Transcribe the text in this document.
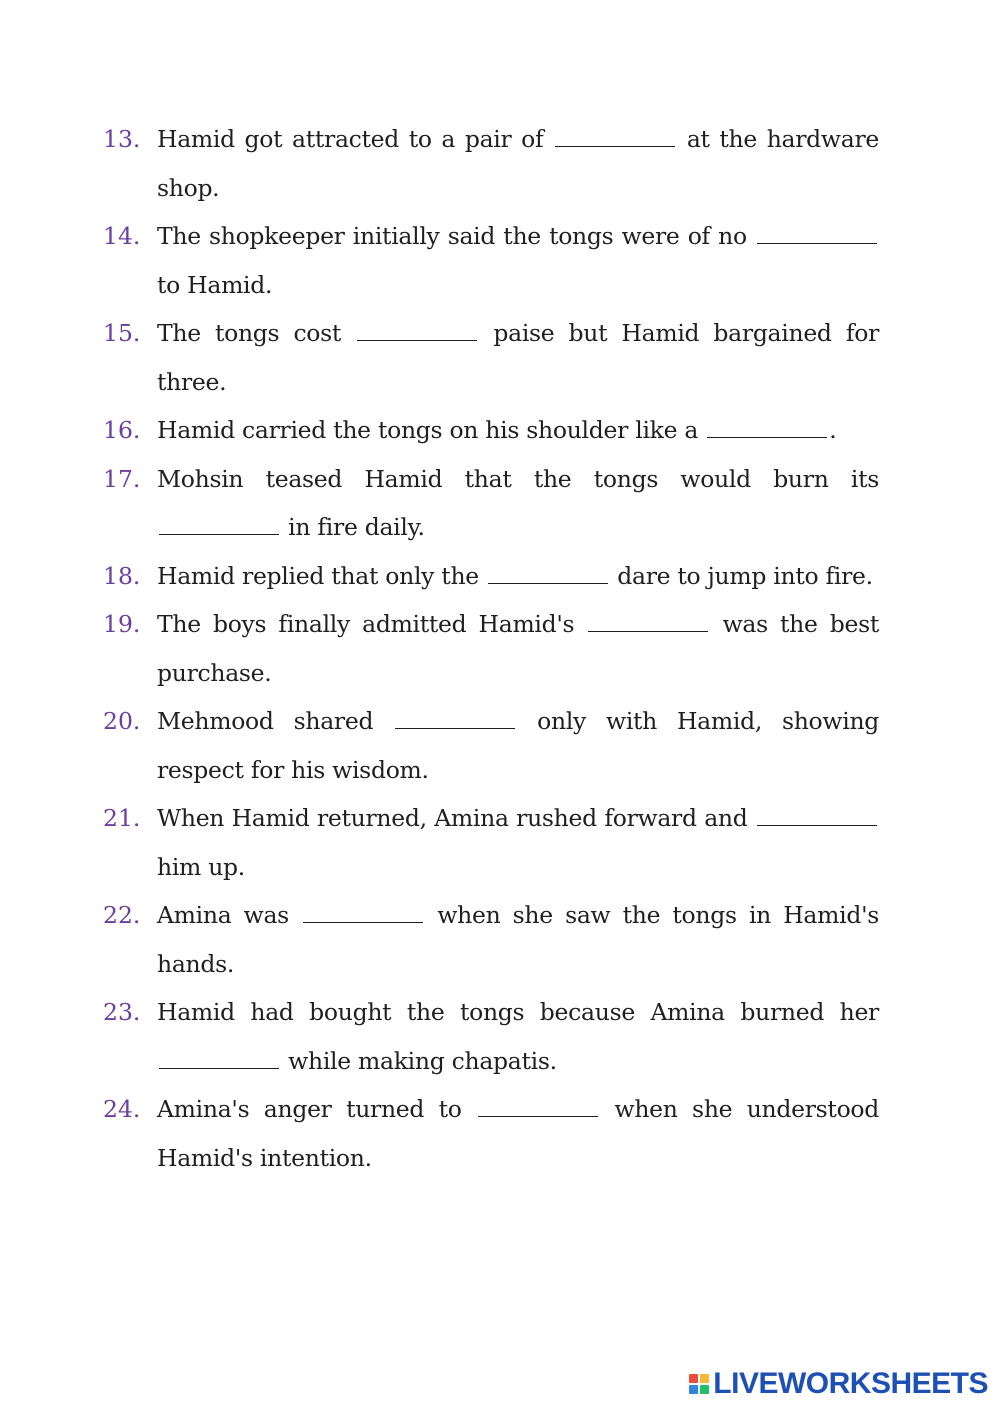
13. Hamid got attracted to a pair of	at the hardware shop.
14. The shopkeeper initially said the tongs were of no  to Hamid.
15. The tongs cost	paise but Hamid bargained for three.
16. Hamid carried the tongs on his shoulder like a	.
17. Mohsin teased Hamid that the tongs would burn its  in fire daily.
18. Hamid replied that only the	dare to jump into fire.
19. The boys finally admitted Hamid's	was the best purchase.
20. Mehmood shared	only with Hamid, showing respect for his wisdom.
21. When Hamid returned, Amina rushed forward and  him up.
22. Amina was	when she saw the tongs in Hamid's hands.
23. Hamid had bought the tongs because Amina burned her  while making chapatis.
24. Amina's anger turned to	when she understood Hamid's intention.
LIVEWORKSHEETS
